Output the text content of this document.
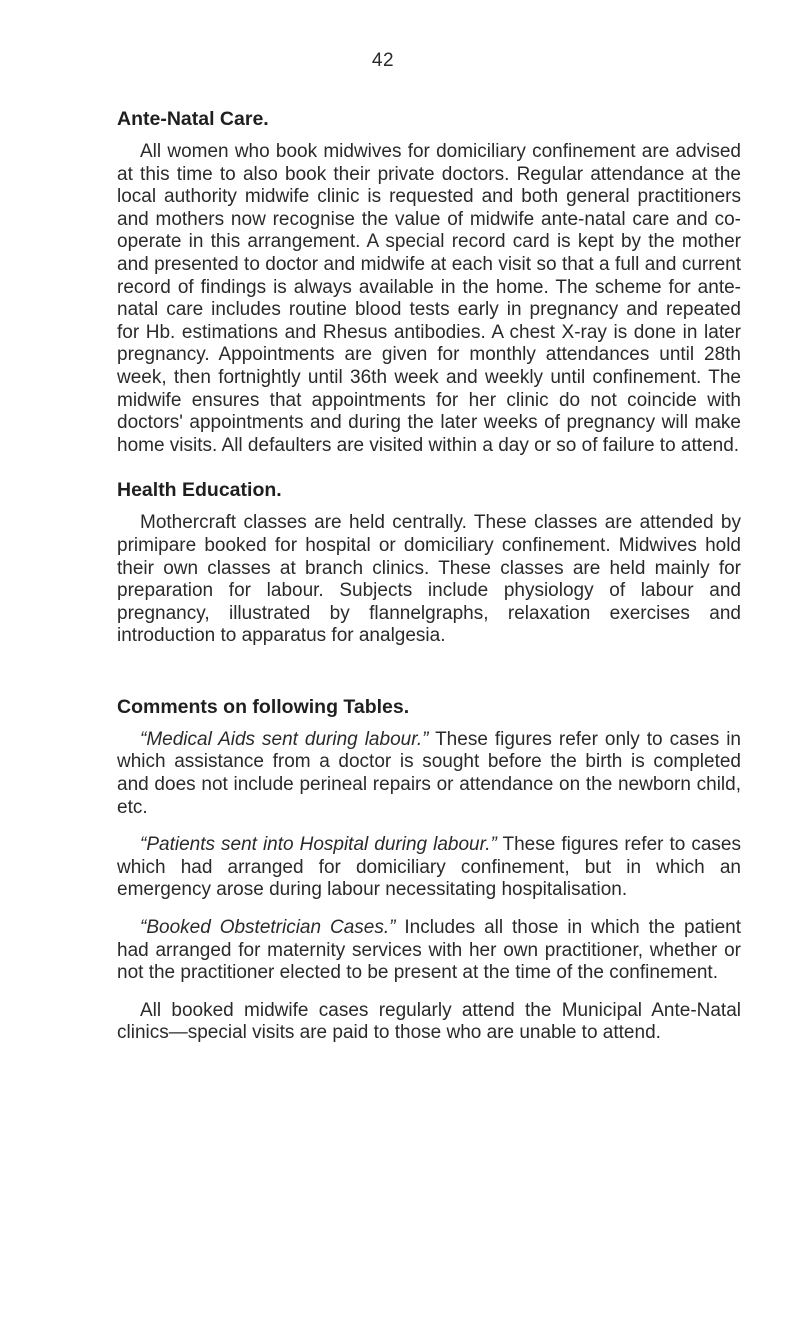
42
Ante-Natal Care.

All women who book midwives for domiciliary confinement are advised at this time to also book their private doctors. Regular attendance at the local authority midwife clinic is requested and both general practitioners and mothers now recognise the value of midwife ante-natal care and co-operate in this arrangement. A special record card is kept by the mother and presented to doctor and midwife at each visit so that a full and current record of findings is always available in the home. The scheme for ante-natal care includes routine blood tests early in pregnancy and repeated for Hb. estimations and Rhesus antibodies. A chest X-ray is done in later pregnancy. Appointments are given for monthly attendances until 28th week, then fortnightly until 36th week and weekly until confinement. The midwife ensures that appointments for her clinic do not coincide with doctors' appointments and during the later weeks of pregnancy will make home visits. All defaulters are visited within a day or so of failure to attend.

Health Education.

Mothercraft classes are held centrally. These classes are attended by primipare booked for hospital or domiciliary confinement. Midwives hold their own classes at branch clinics. These classes are held mainly for preparation for labour. Subjects include physiology of labour and pregnancy, illustrated by flannelgraphs, relaxation exercises and introduction to apparatus for analgesia.

Comments on following Tables.

“Medical Aids sent during labour.” These figures refer only to cases in which assistance from a doctor is sought before the birth is completed and does not include perineal repairs or attendance on the newborn child, etc.

“Patients sent into Hospital during labour.” These figures refer to cases which had arranged for domiciliary confinement, but in which an emergency arose during labour necessitating hospitalisation.

“Booked Obstetrician Cases.” Includes all those in which the patient had arranged for maternity services with her own practitioner, whether or not the practitioner elected to be present at the time of the confinement.

All booked midwife cases regularly attend the Municipal Ante-Natal clinics—special visits are paid to those who are unable to attend.
